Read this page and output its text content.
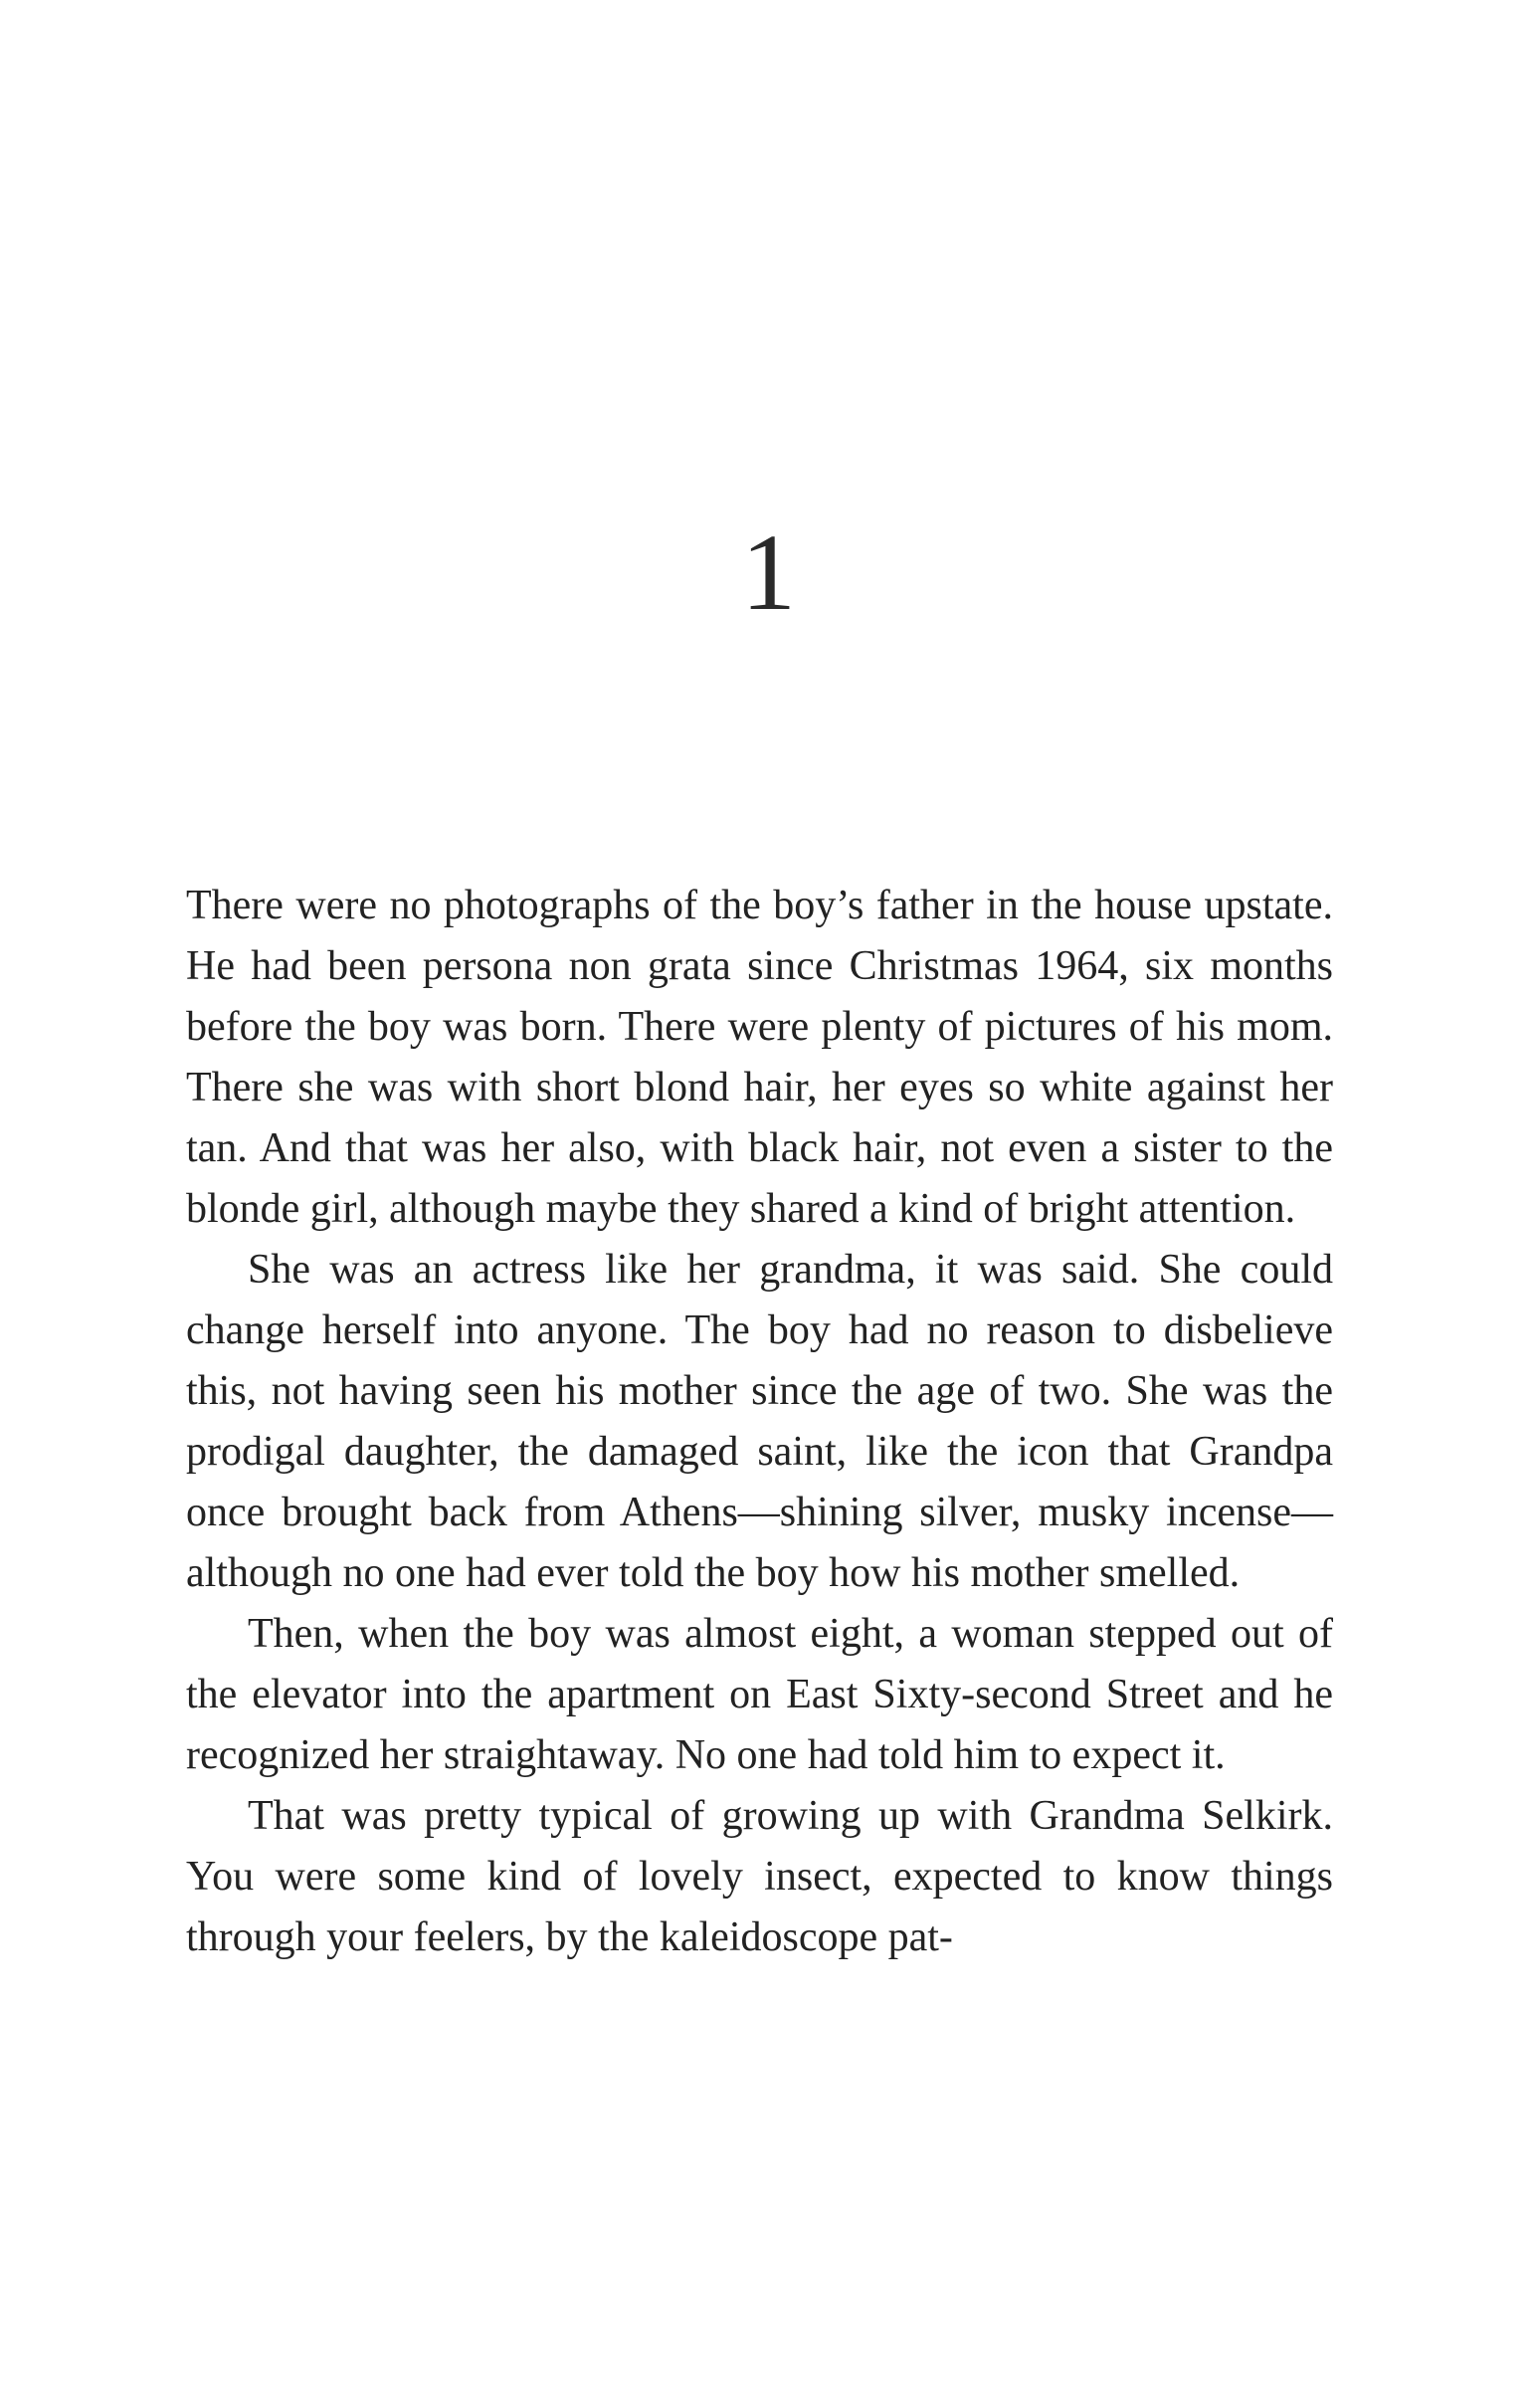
1

There were no photographs of the boy’s father in the house upstate. He had been persona non grata since Christmas 1964, six months before the boy was born. There were plenty of pictures of his mom. There she was with short blond hair, her eyes so white against her tan. And that was her also, with black hair, not even a sister to the blonde girl, although maybe they shared a kind of bright attention.

She was an actress like her grandma, it was said. She could change herself into anyone. The boy had no reason to disbelieve this, not having seen his mother since the age of two. She was the prodigal daughter, the damaged saint, like the icon that Grandpa once brought back from Athens—shining silver, musky incense—although no one had ever told the boy how his mother smelled.

Then, when the boy was almost eight, a woman stepped out of the elevator into the apartment on East Sixty-second Street and he recognized her straightaway. No one had told him to expect it.

That was pretty typical of growing up with Grandma Selkirk. You were some kind of lovely insect, expected to know things through your feelers, by the kaleidoscope pat-
